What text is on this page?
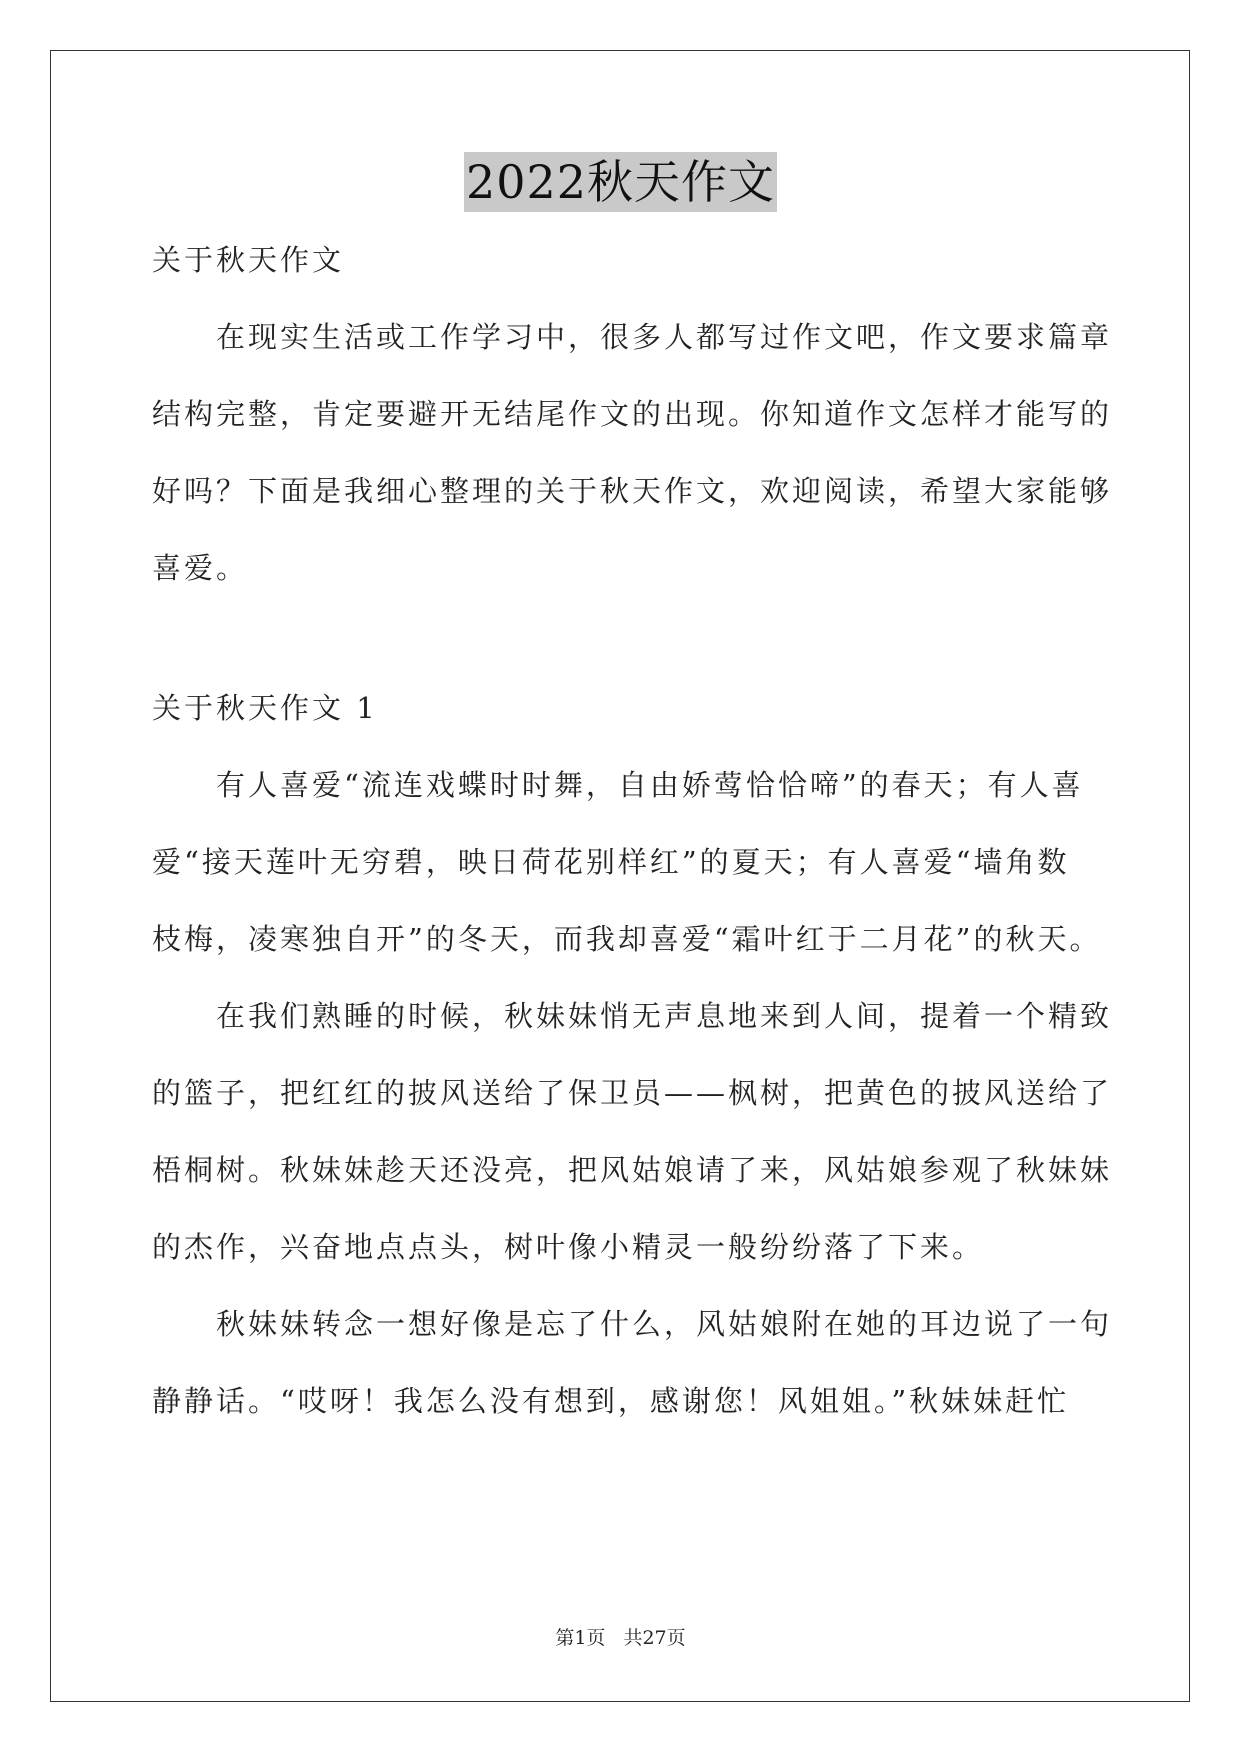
2022秋天作文
关于秋天作文
在现实生活或工作学习中，很多人都写过作文吧，作文要求篇章
结构完整，肯定要避开无结尾作文的出现。你知道作文怎样才能写的
好吗？下面是我细心整理的关于秋天作文，欢迎阅读，希望大家能够
喜爱。
关于秋天作文 1
有人喜爱“流连戏蝶时时舞，自由娇莺恰恰啼”的春天；有人喜
爱“接天莲叶无穷碧，映日荷花别样红”的夏天；有人喜爱“墙角数
枝梅，凌寒独自开”的冬天，而我却喜爱“霜叶红于二月花”的秋天。
在我们熟睡的时候，秋妹妹悄无声息地来到人间，提着一个精致
的篮子，把红红的披风送给了保卫员——枫树，把黄色的披风送给了
梧桐树。秋妹妹趁天还没亮，把风姑娘请了来，风姑娘参观了秋妹妹
的杰作，兴奋地点点头，树叶像小精灵一般纷纷落了下来。
秋妹妹转念一想好像是忘了什么，风姑娘附在她的耳边说了一句
静静话。“哎呀！我怎么没有想到，感谢您！风姐姐。”秋妹妹赶忙
第1页 共27页
